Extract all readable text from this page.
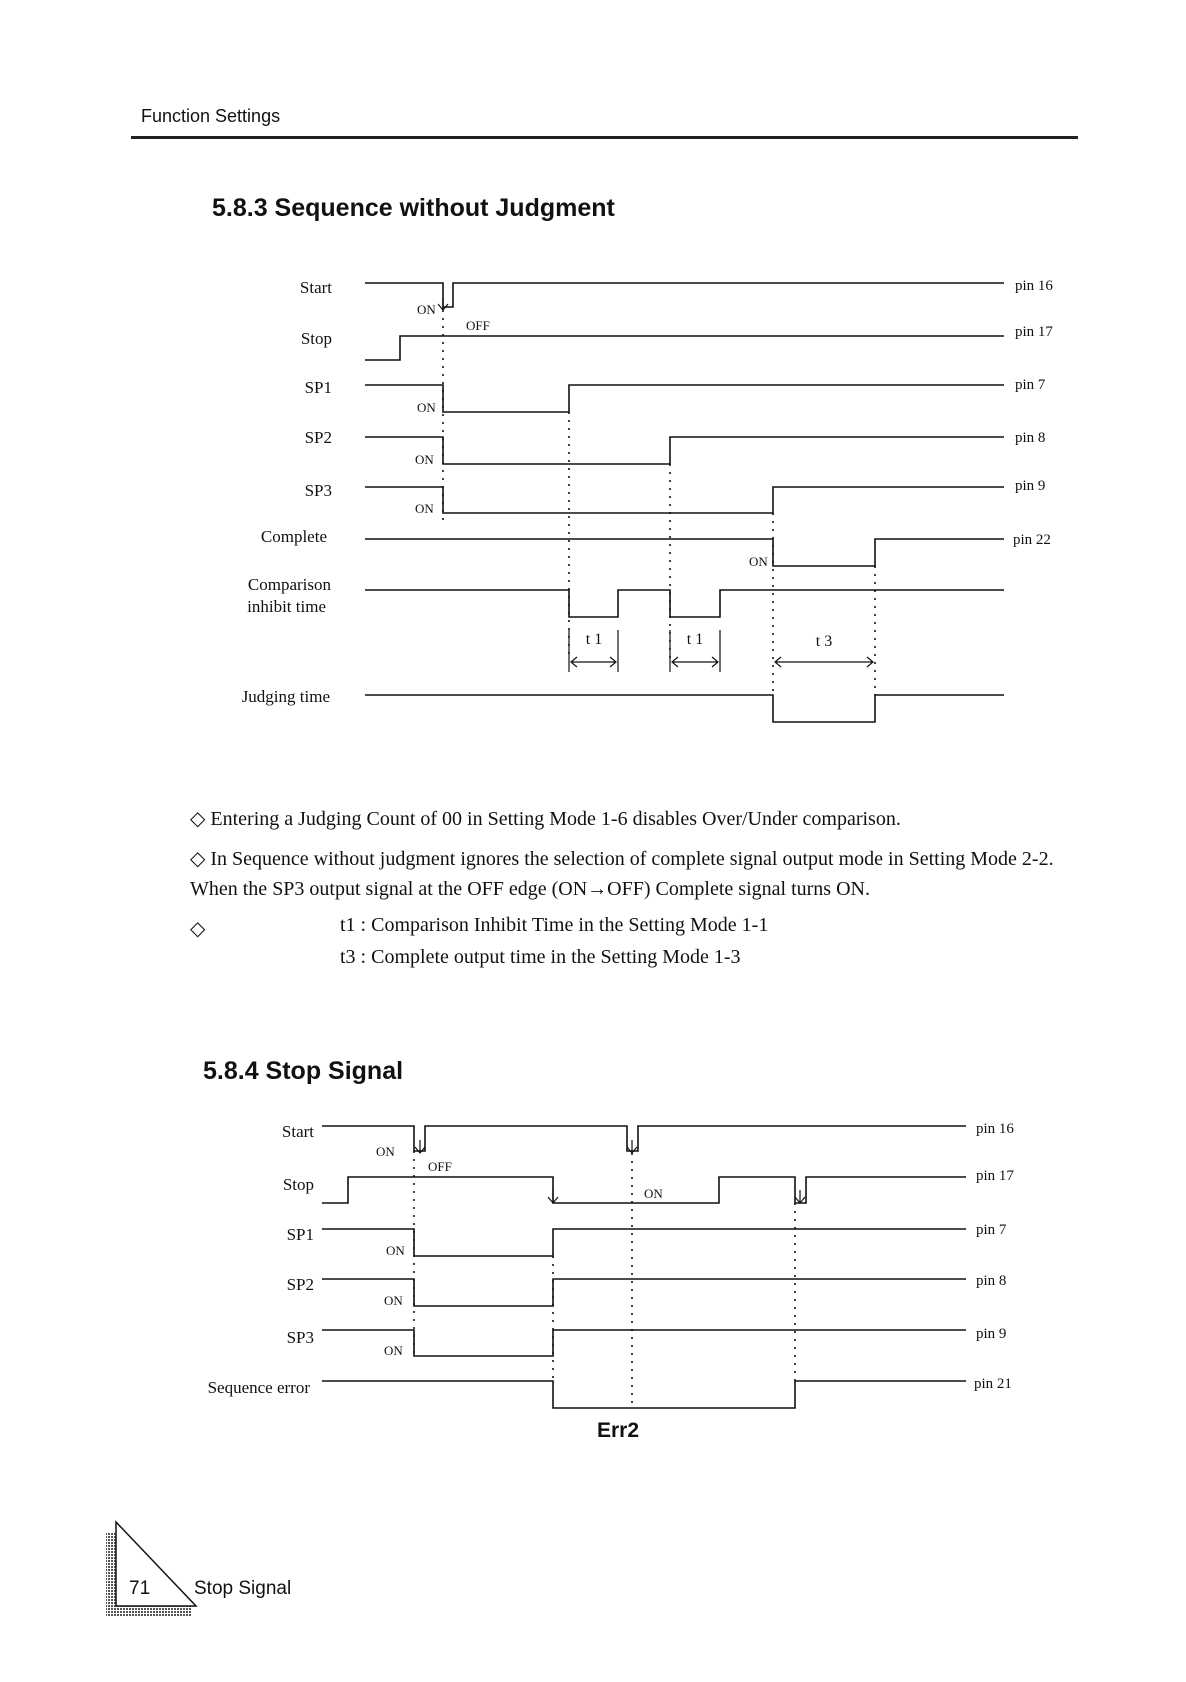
Function Settings
5.8.3 Sequence without Judgment
Start
Stop
SP1
SP2
SP3
Complete
Comparison
inhibit time
Judging time
pin 16
pin 17
pin 7
pin 8
pin 9
pin 22
ON
OFF
ON
ON
ON
ON
t 1	t 1	t 3
◇ Entering a Judging Count of 00 in Setting Mode 1-6 disables Over/Under comparison.
◇ In Sequence without judgment ignores the selection of complete signal output mode in Setting Mode 2-2. When the SP3 output signal at the OFF edge (ON→OFF) Complete signal turns ON.
◇	t1 : Comparison Inhibit Time in the Setting Mode 1-1
t3 : Complete output time in the Setting Mode 1-3
5.8.4 Stop Signal
Start
Stop
SP1
SP2
SP3
Sequence error
pin 16
pin 17
pin 7
pin 8
pin 9
pin 21
ON
OFF
ON
ON
ON
ON
Err2
71 Stop Signal
